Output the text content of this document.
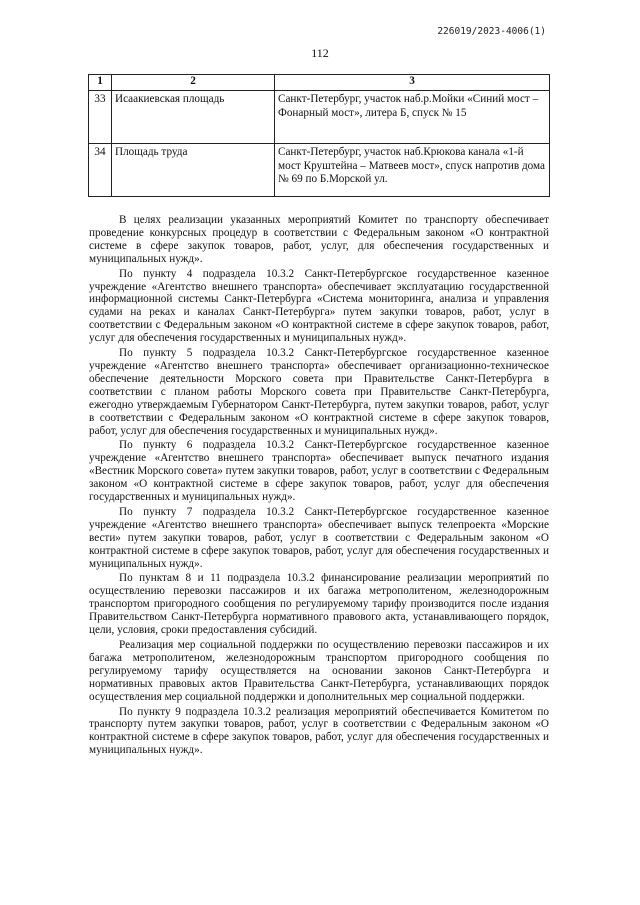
226019/2023-4006(1)
112
1	2	3
33	Исаакиевская площадь	Санкт-Петербург, участок наб.р.Мойки «Синий мост – Фонарный мост», литера Б, спуск № 15
34	Площадь труда	Санкт-Петербург, участок наб.Крюкова канала «1-й мост Круштейна – Матвеев мост», спуск напротив дома № 69 по Б.Морской ул.

В целях реализации указанных мероприятий Комитет по транспорту обеспечивает проведение конкурсных процедур в соответствии с Федеральным законом «О контрактной системе в сфере закупок товаров, работ, услуг, для обеспечения государственных и муниципальных нужд».

По пункту 4 подраздела 10.3.2 Санкт-Петербургское государственное казенное учреждение «Агентство внешнего транспорта» обеспечивает эксплуатацию государственной информационной системы Санкт-Петербурга «Система мониторинга, анализа и управления судами на реках и каналах Санкт-Петербурга» путем закупки товаров, работ, услуг в соответствии с Федеральным законом «О контрактной системе в сфере закупок товаров, работ, услуг для обеспечения государственных и муниципальных нужд».

По пункту 5 подраздела 10.3.2 Санкт-Петербургское государственное казенное учреждение «Агентство внешнего транспорта» обеспечивает организационно-техническое обеспечение деятельности Морского совета при Правительстве Санкт-Петербурга в соответствии с планом работы Морского совета при Правительстве Санкт-Петербурга, ежегодно утверждаемым Губернатором Санкт-Петербурга, путем закупки товаров, работ, услуг в соответствии с Федеральным законом «О контрактной системе в сфере закупок товаров, работ, услуг для обеспечения государственных и муниципальных нужд».

По пункту 6 подраздела 10.3.2 Санкт-Петербургское государственное казенное учреждение «Агентство внешнего транспорта» обеспечивает выпуск печатного издания «Вестник Морского совета» путем закупки товаров, работ, услуг в соответствии с Федеральным законом «О контрактной системе в сфере закупок товаров, работ, услуг для обеспечения государственных и муниципальных нужд».

По пункту 7 подраздела 10.3.2 Санкт-Петербургское государственное казенное учреждение «Агентство внешнего транспорта» обеспечивает выпуск телепроекта «Морские вести» путем закупки товаров, работ, услуг в соответствии с Федеральным законом «О контрактной системе в сфере закупок товаров, работ, услуг для обеспечения государственных и муниципальных нужд».

По пунктам 8 и 11 подраздела 10.3.2 финансирование реализации мероприятий по осуществлению перевозки пассажиров и их багажа метрополитеном, железнодорожным транспортом пригородного сообщения по регулируемому тарифу производится после издания Правительством Санкт-Петербурга нормативного правового акта, устанавливающего порядок, цели, условия, сроки предоставления субсидий.

Реализация мер социальной поддержки по осуществлению перевозки пассажиров и их багажа метрополитеном, железнодорожным транспортом пригородного сообщения по регулируемому тарифу осуществляется на основании законов Санкт-Петербурга и нормативных правовых актов Правительства Санкт-Петербурга, устанавливающих порядок осуществления мер социальной поддержки и дополнительных мер социальной поддержки.

По пункту 9 подраздела 10.3.2 реализация мероприятий обеспечивается Комитетом по транспорту путем закупки товаров, работ, услуг в соответствии с Федеральным законом «О контрактной системе в сфере закупок товаров, работ, услуг для обеспечения государственных и муниципальных нужд».
